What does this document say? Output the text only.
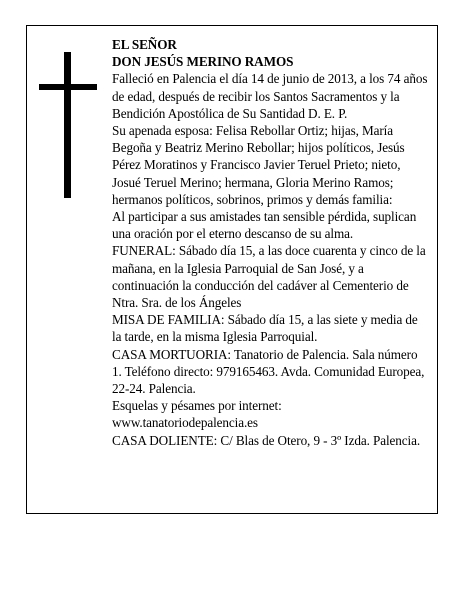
EL SEÑOR

DON JESÚS MERINO RAMOS

Falleció en Palencia el día 14 de junio de 2013, a los 74 años de edad, después de recibir los Santos Sacramentos y la Bendición Apostólica de Su Santidad D. E. P.

Su apenada esposa: Felisa Rebollar Ortiz; hijas, María Begoña y Beatriz Merino Rebollar; hijos políticos, Jesús Pérez Moratinos y Francisco Javier Teruel Prieto; nieto, Josué Teruel Merino; hermana, Gloria Merino Ramos; hermanos políticos, sobrinos, primos y demás familia:

Al participar a sus amistades tan sensible pérdida, suplican una oración por el eterno descanso de su alma.

FUNERAL: Sábado día 15, a las doce cuarenta y cinco de la mañana, en la Iglesia Parroquial de San José, y a continuación la conducción del cadáver al Cementerio de Ntra. Sra. de los Ángeles

MISA DE FAMILIA: Sábado día 15, a las siete y media de la tarde, en la misma Iglesia Parroquial.

CASA MORTUORIA: Tanatorio de Palencia. Sala número 1. Teléfono directo: 979165463. Avda. Comunidad Europea, 22-24. Palencia.

Esquelas y pésames por internet: www.tanatoriodepalencia.es

CASA DOLIENTE: C/ Blas de Otero, 9 - 3º Izda. Palencia.
